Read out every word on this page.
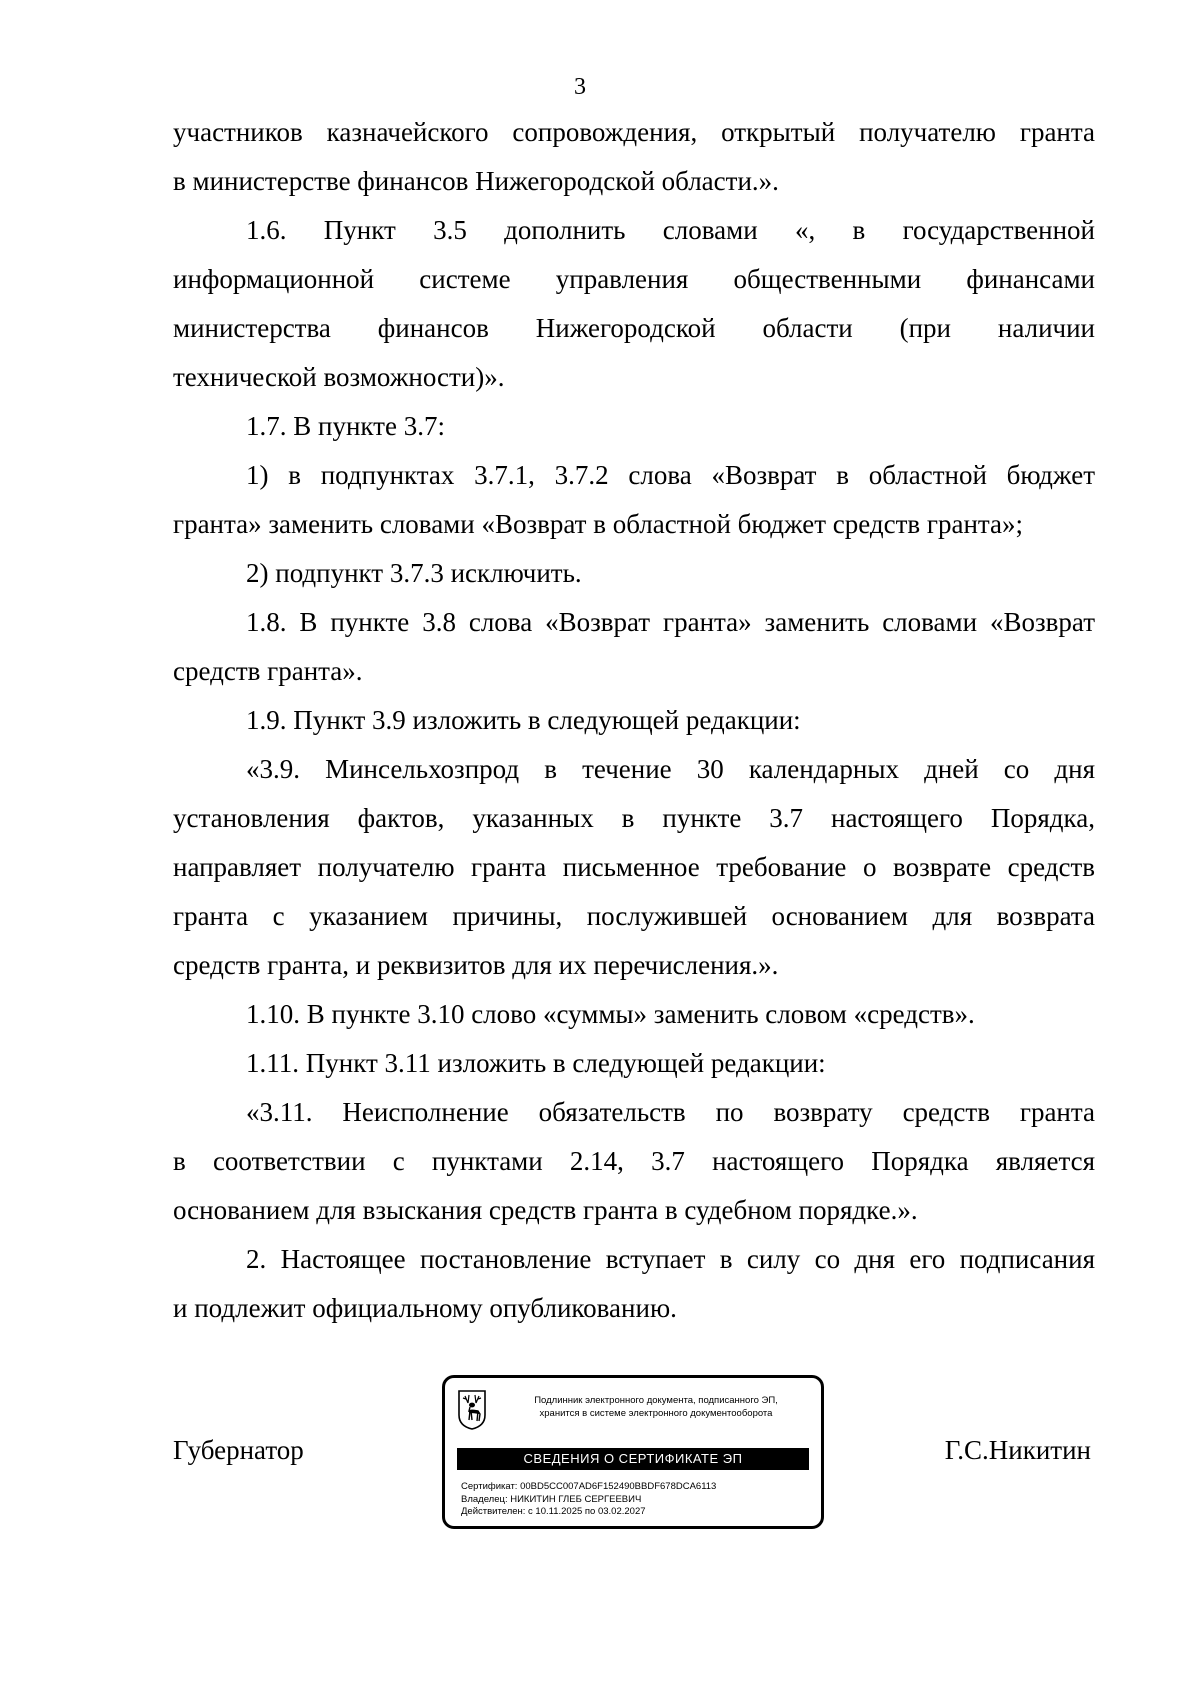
3
участников казначейского сопровождения, открытый получателю гранта
в министерстве финансов Нижегородской области.».
1.6. Пункт 3.5 дополнить словами «, в государственной
информационной системе управления общественными финансами
министерства финансов Нижегородской области (при наличии
технической возможности)».
1.7. В пункте 3.7:
1) в подпунктах 3.7.1, 3.7.2 слова «Возврат в областной бюджет
гранта» заменить словами «Возврат в областной бюджет средств гранта»;
2) подпункт 3.7.3 исключить.
1.8. В пункте 3.8 слова «Возврат гранта» заменить словами «Возврат
средств гранта».
1.9. Пункт 3.9 изложить в следующей редакции:
«3.9. Минсельхозпрод в течение 30 календарных дней со дня
установления фактов, указанных в пункте 3.7 настоящего Порядка,
направляет получателю гранта письменное требование о возврате средств
гранта с указанием причины, послужившей основанием для возврата
средств гранта, и реквизитов для их перечисления.».
1.10. В пункте 3.10 слово «суммы» заменить словом «средств».
1.11. Пункт 3.11 изложить в следующей редакции:
«3.11. Неисполнение обязательств по возврату средств гранта
в соответствии с пунктами 2.14, 3.7 настоящего Порядка является
основанием для взыскания средств гранта в судебном порядке.».
2. Настоящее постановление вступает в силу со дня его подписания
и подлежит официальному опубликованию.
Губернатор	Г.С.Никитин
Подлинник электронного документа, подписанного ЭП,
хранится в системе электронного документооборота
СВЕДЕНИЯ О СЕРТИФИКАТЕ ЭП
Сертификат: 00BD5CC007AD6F152490BBDF678DCA6113
Владелец: НИКИТИН ГЛЕБ СЕРГЕЕВИЧ
Действителен: с 10.11.2025 по 03.02.2027
